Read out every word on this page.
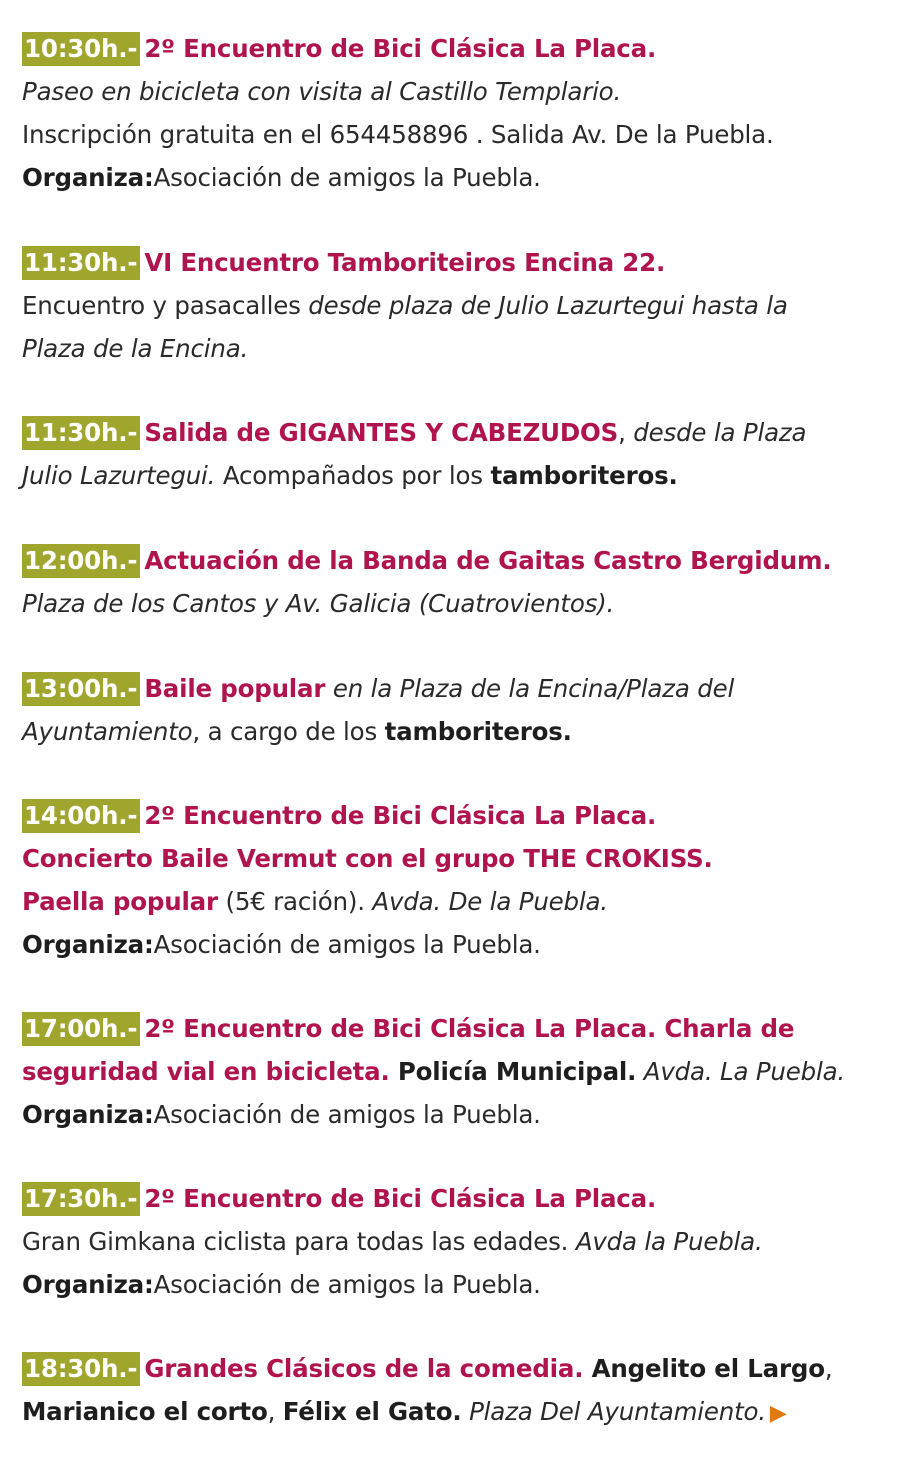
10:30h.- 2º Encuentro de Bici Clásica La Placa.
Paseo en bicicleta con visita al Castillo Templario.
Inscripción gratuita en el 654458896 . Salida Av. De la Puebla.
Organiza:Asociación de amigos la Puebla.
11:30h.- VI Encuentro Tamboriteiros Encina 22.
Encuentro y pasacalles desde plaza de Julio Lazurtegui hasta la
Plaza de la Encina.
11:30h.- Salida de GIGANTES Y CABEZUDOS, desde la Plaza
Julio Lazurtegui. Acompañados por los tamboriteros.
12:00h.- Actuación de la Banda de Gaitas Castro Bergidum.
Plaza de los Cantos y Av. Galicia (Cuatrovientos).
13:00h.- Baile popular en la Plaza de la Encina/Plaza del
Ayuntamiento, a cargo de los tamboriteros.
14:00h.- 2º Encuentro de Bici Clásica La Placa.
Concierto Baile Vermut con el grupo THE CROKISS.
Paella popular (5€ ración). Avda. De la Puebla.
Organiza:Asociación de amigos la Puebla.
17:00h.- 2º Encuentro de Bici Clásica La Placa. Charla de
seguridad vial en bicicleta. Policía Municipal. Avda. La Puebla.
Organiza:Asociación de amigos la Puebla.
17:30h.- 2º Encuentro de Bici Clásica La Placa.
Gran Gimkana ciclista para todas las edades. Avda la Puebla.
Organiza:Asociación de amigos la Puebla.
18:30h.- Grandes Clásicos de la comedia. Angelito el Largo,
Marianico el corto, Félix el Gato. Plaza Del Ayuntamiento. ▶
